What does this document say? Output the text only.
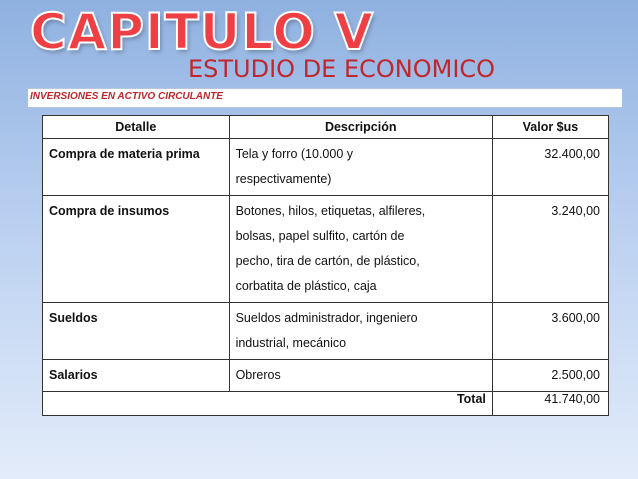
CAPITULO V
ESTUDIO DE ECONOMICO
INVERSIONES EN ACTIVO CIRCULANTE
Detalle	Descripción	Valor $us
Compra de materia prima	Tela y forro (10.000 y
respectivamente)	32.400,00
Compra de insumos	Botones, hilos, etiquetas, alfileres,
bolsas, papel sulfito, cartón de
pecho, tira de cartón, de plástico,
corbatita de plástico, caja	3.240,00
Sueldos	Sueldos administrador, ingeniero
industrial, mecánico	3.600,00
Salarios	Obreros	2.500,00
Total		41.740,00
